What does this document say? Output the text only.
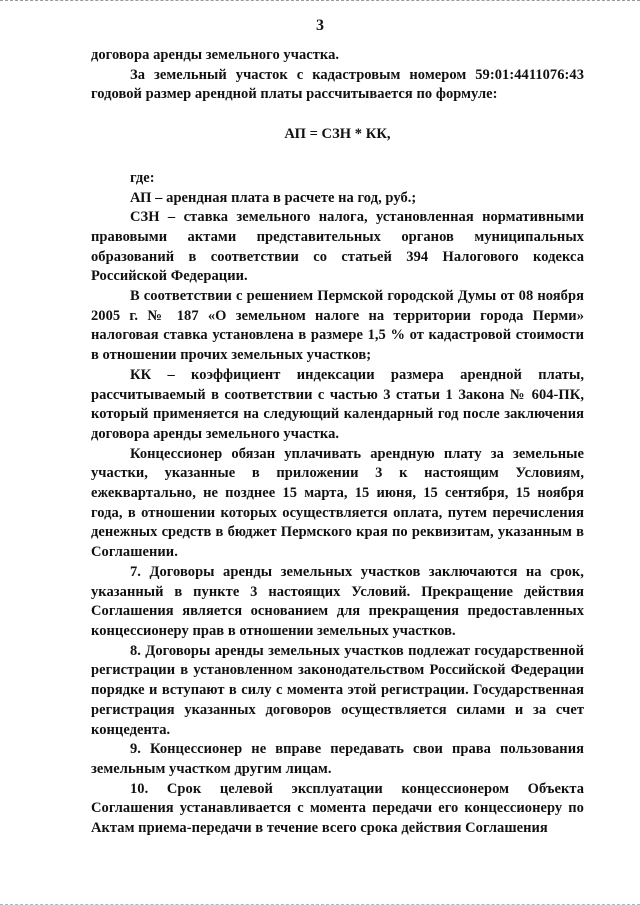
3

договора аренды земельного участка.

За земельный участок с кадастровым номером 59:01:4411076:43 годовой размер арендной платы рассчитывается по формуле:

АП = СЗН * КК,

где:

АП – арендная плата в расчете на год, руб.;

СЗН – ставка земельного налога, установленная нормативными правовыми актами представительных органов муниципальных образований в соответствии со статьей 394 Налогового кодекса Российской Федерации.

В соответствии с решением Пермской городской Думы от 08 ноября 2005 г. № 187 «О земельном налоге на территории города Перми» налоговая ставка установлена в размере 1,5 % от кадастровой стоимости в отношении прочих земельных участков;

КК – коэффициент индексации размера арендной платы, рассчитываемый в соответствии с частью 3 статьи 1 Закона № 604-ПК, который применяется на следующий календарный год после заключения договора аренды земельного участка.

Концессионер обязан уплачивать арендную плату за земельные участки, указанные в приложении 3 к настоящим Условиям, ежеквартально, не позднее 15 марта, 15 июня, 15 сентября, 15 ноября года, в отношении которых осуществляется оплата, путем перечисления денежных средств в бюджет Пермского края по реквизитам, указанным в Соглашении.

7. Договоры аренды земельных участков заключаются на срок, указанный в пункте 3 настоящих Условий. Прекращение действия Соглашения является основанием для прекращения предоставленных концессионеру прав в отношении земельных участков.

8. Договоры аренды земельных участков подлежат государственной регистрации в установленном законодательством Российской Федерации порядке и вступают в силу с момента этой регистрации. Государственная регистрация указанных договоров осуществляется силами и за счет концедента.

9. Концессионер не вправе передавать свои права пользования земельным участком другим лицам.

10. Срок целевой эксплуатации концессионером Объекта Соглашения устанавливается с момента передачи его концессионеру по Актам приема-передачи в течение всего срока действия Соглашения
